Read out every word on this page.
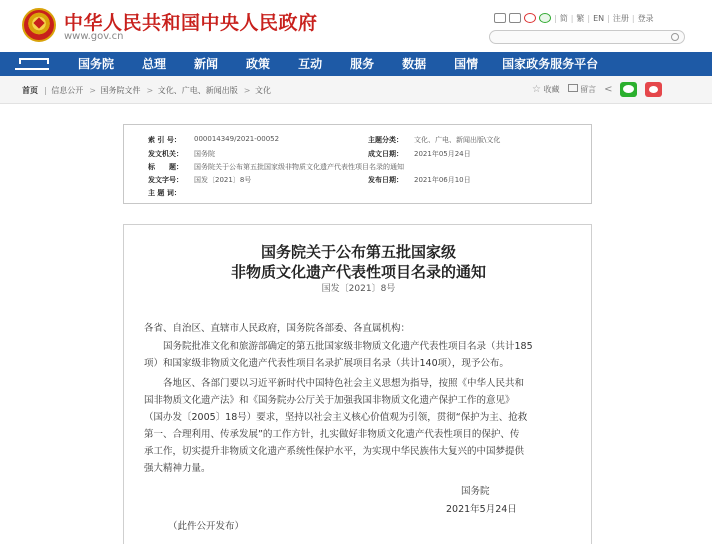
中华人民共和国中央人民政府
www.gov.cn
| 简 | 繁 | EN | 注册 | 登录
国务院	总理	新闻	政策	互动	服务	数据	国情	国家政务服务平台
首页 | 信息公开 > 国务院文件 > 文化、广电、新闻出版 > 文化	☆ 收藏	留言 <
索 引 号： 000014349/2021-00052	主题分类： 文化、广电、新闻出版\文化
发文机关： 国务院	成文日期： 2021年05月24日
标　　题： 国务院关于公布第五批国家级非物质文化遗产代表性项目名录的通知
发文字号： 国发〔2021〕8号	发布日期： 2021年06月10日
主 题 词：
国务院关于公布第五批国家级
非物质文化遗产代表性项目名录的通知
国发〔2021〕8号
各省、自治区、直辖市人民政府，国务院各部委、各直属机构：
国务院批准文化和旅游部确定的第五批国家级非物质文化遗产代表性项目名录（共计185
项）和国家级非物质文化遗产代表性项目名录扩展项目名录（共计140项），现予公布。
各地区、各部门要以习近平新时代中国特色社会主义思想为指导，按照《中华人民共和
国非物质文化遗产法》和《国务院办公厅关于加强我国非物质文化遗产保护工作的意见》
（国办发〔2005〕18号）要求，坚持以社会主义核心价值观为引领，贯彻“保护为主、抢救
第一、合理利用、传承发展”的工作方针，扎实做好非物质文化遗产代表性项目的保护、传
承工作，切实提升非物质文化遗产系统性保护水平，为实现中华民族伟大复兴的中国梦提供
强大精神力量。
国务院
2021年5月24日
（此件公开发布）
